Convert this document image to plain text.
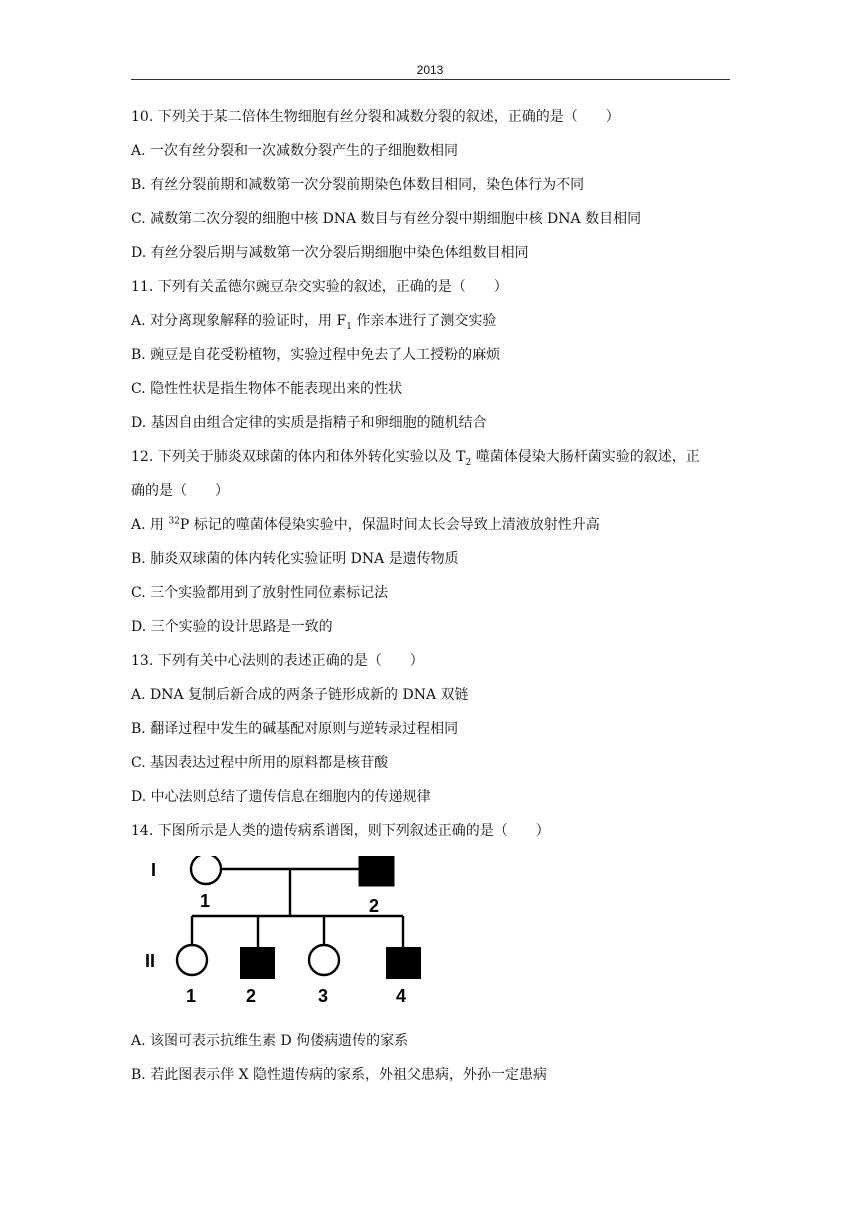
2013
10. 下列关于某二倍体生物细胞有丝分裂和减数分裂的叙述，正确的是（　　）
A. 一次有丝分裂和一次减数分裂产生的子细胞数相同
B. 有丝分裂前期和减数第一次分裂前期染色体数目相同，染色体行为不同
C. 减数第二次分裂的细胞中核 DNA 数目与有丝分裂中期细胞中核 DNA 数目相同
D. 有丝分裂后期与减数第一次分裂后期细胞中染色体组数目相同
11. 下列有关孟德尔豌豆杂交实验的叙述，正确的是（　　）
A. 对分离现象解释的验证时，用 $F_1$ 作亲本进行了测交实验
B. 豌豆是自花受粉植物，实验过程中免去了人工授粉的麻烦
C. 隐性性状是指生物体不能表现出来的性状
D. 基因自由组合定律的实质是指精子和卵细胞的随机结合
12. 下列关于肺炎双球菌的体内和体外转化实验以及 $T_2$ 噬菌体侵染大肠杆菌实验的叙述，正
确的是（　　）
A. 用 $^{32}$P 标记的噬菌体侵染实验中，保温时间太长会导致上清液放射性升高
B. 肺炎双球菌的体内转化实验证明 DNA 是遗传物质
C. 三个实验都用到了放射性同位素标记法
D. 三个实验的设计思路是一致的
13. 下列有关中心法则的表述正确的是（　　）
A. DNA 复制后新合成的两条子链形成新的 DNA 双链
B. 翻译过程中发生的碱基配对原则与逆转录过程相同
C. 基因表达过程中所用的原料都是核苷酸
D. 中心法则总结了遗传信息在细胞内的传递规律
14. 下图所示是人类的遗传病系谱图，则下列叙述正确的是（　　）
I
II
1	2
1	2	3	4
A. 该图可表示抗维生素 D 佝偻病遗传的家系
B. 若此图表示伴 X 隐性遗传病的家系，外祖父患病，外孙一定患病
